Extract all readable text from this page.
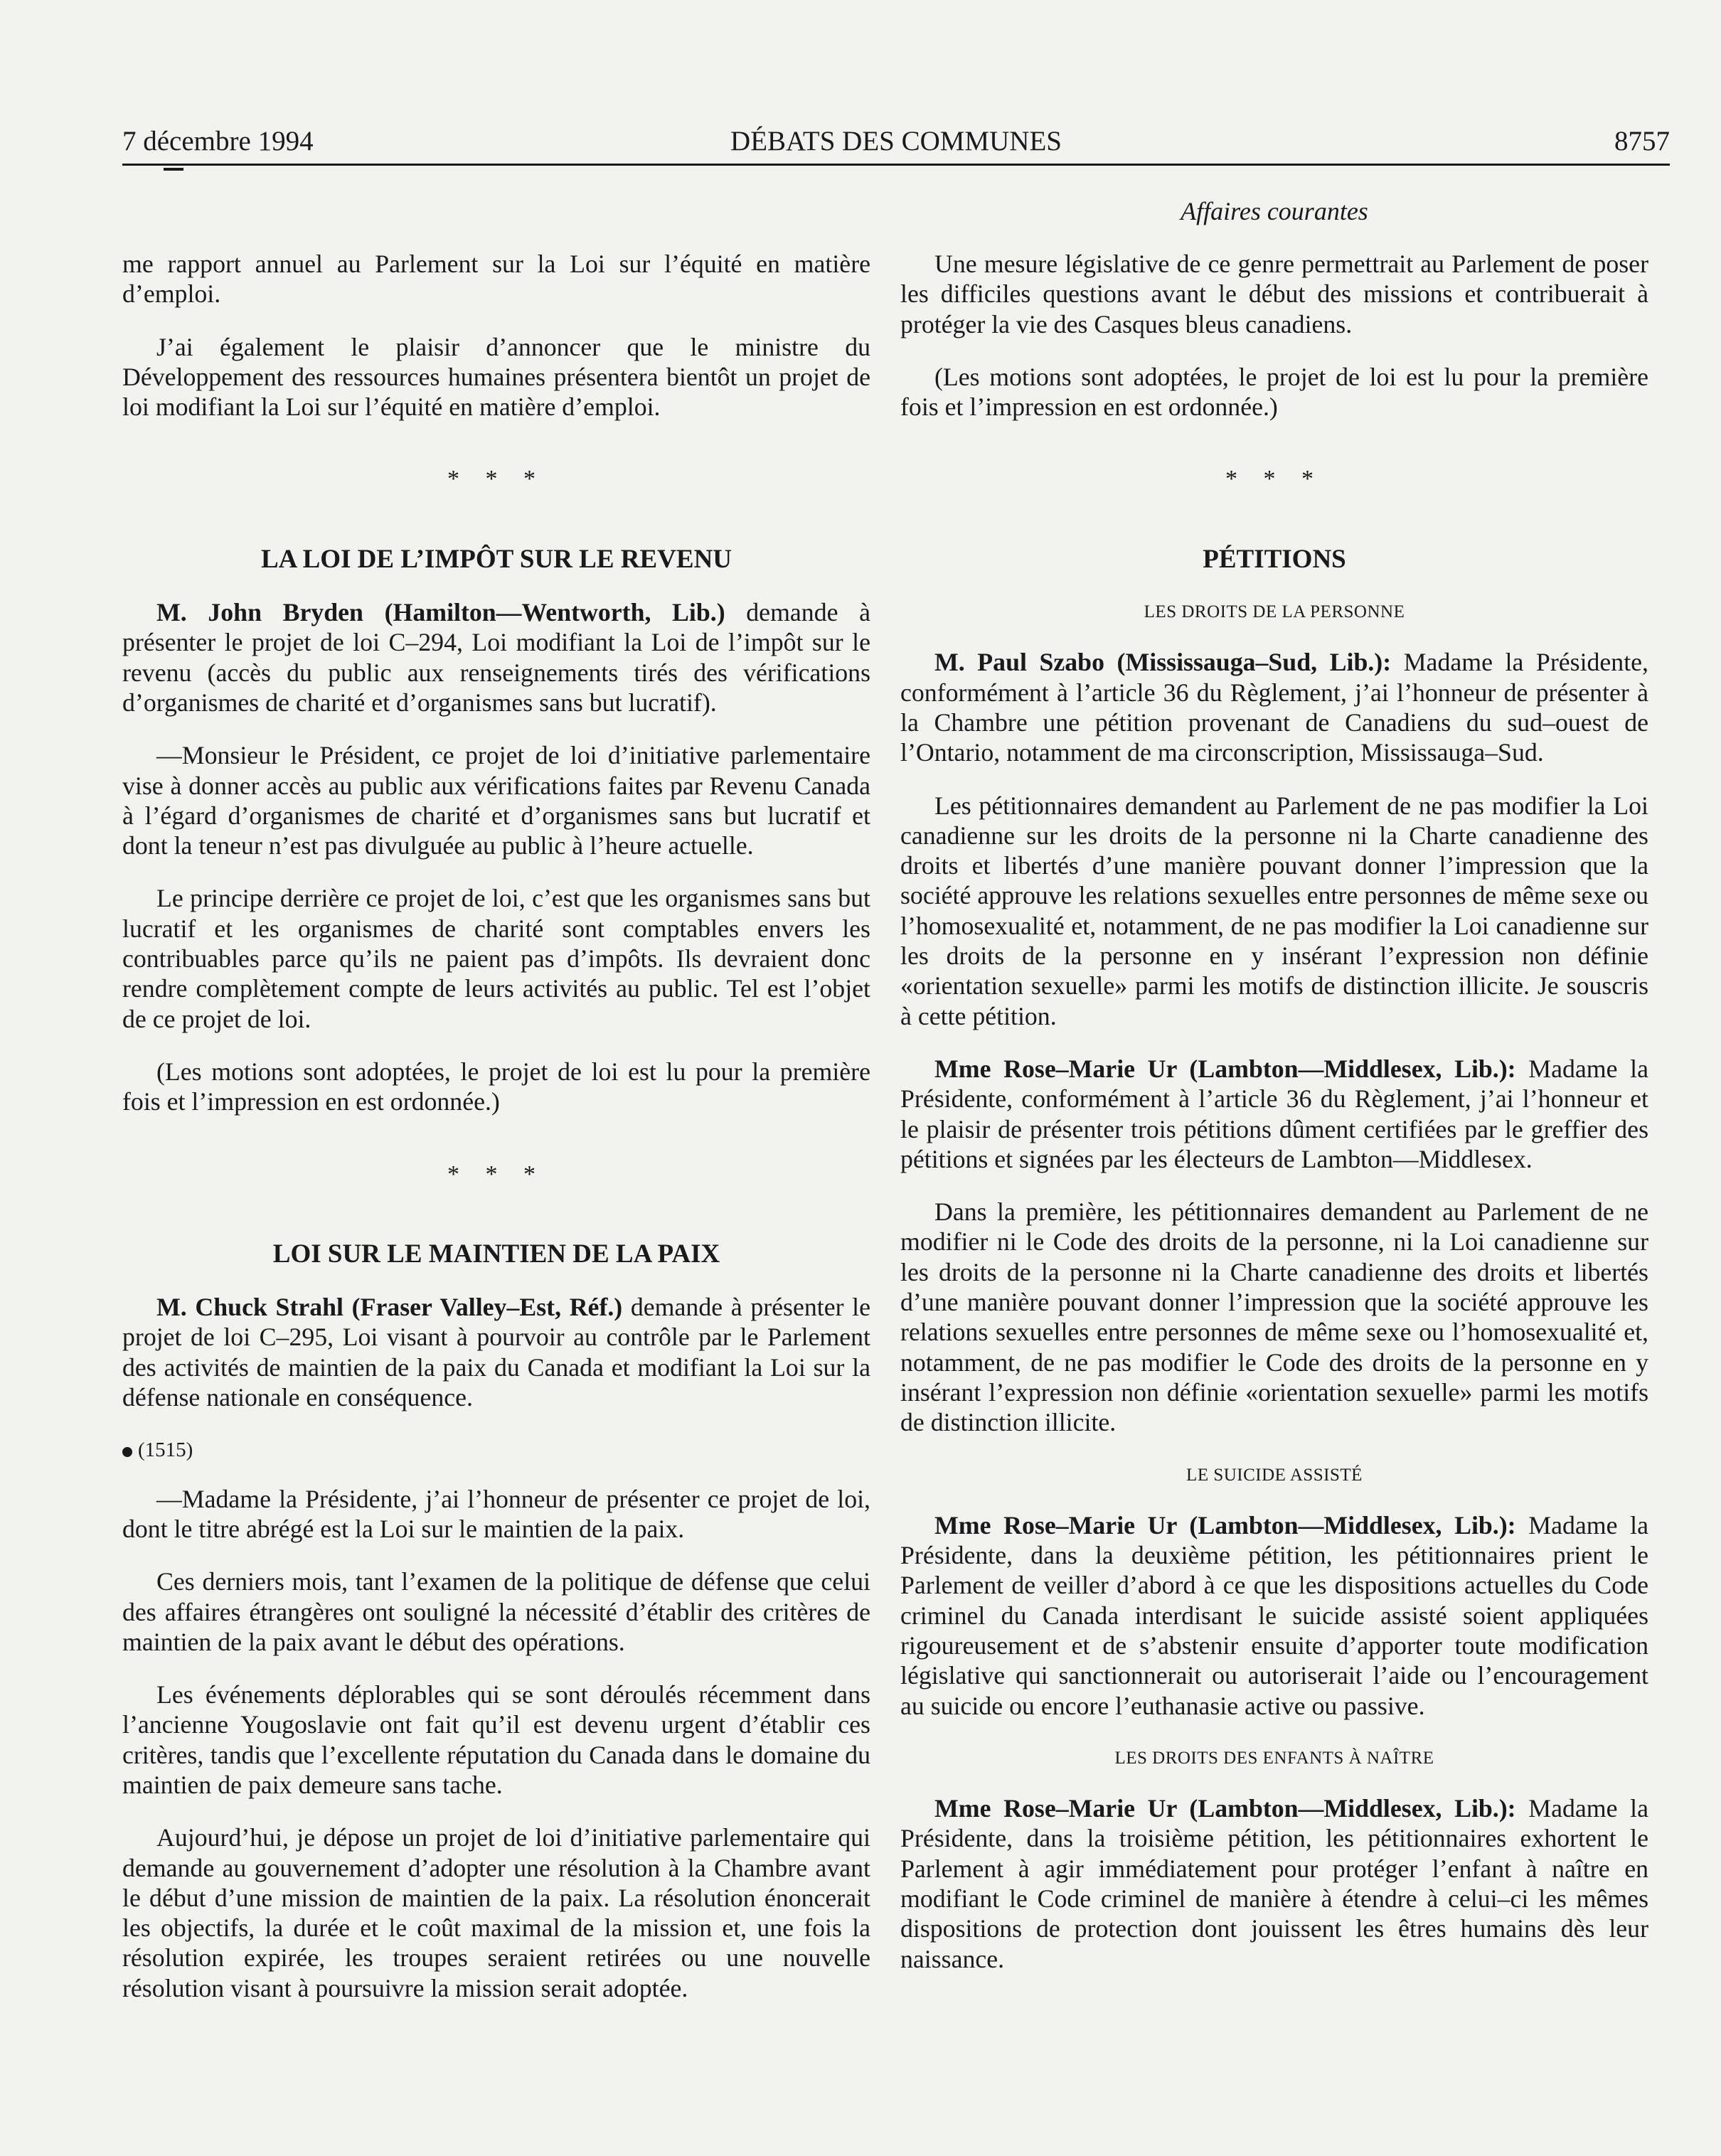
7 décembre 1994	DÉBATS DES COMMUNES	8757
Affaires courantes

me rapport annuel au Parlement sur la Loi sur l’équité en matière d’emploi.

J’ai également le plaisir d’annoncer que le ministre du Développement des ressources humaines présentera bientôt un projet de loi modifiant la Loi sur l’équité en matière d’emploi.

* * *
LA LOI DE L’IMPÔT SUR LE REVENU

M. John Bryden (Hamilton—Wentworth, Lib.) demande à présenter le projet de loi C–294, Loi modifiant la Loi de l’impôt sur le revenu (accès du public aux renseignements tirés des vérifications d’organismes de charité et d’organismes sans but lucratif).

—Monsieur le Président, ce projet de loi d’initiative parlementaire vise à donner accès au public aux vérifications faites par Revenu Canada à l’égard d’organismes de charité et d’organismes sans but lucratif et dont la teneur n’est pas divulguée au public à l’heure actuelle.

Le principe derrière ce projet de loi, c’est que les organismes sans but lucratif et les organismes de charité sont comptables envers les contribuables parce qu’ils ne paient pas d’impôts. Ils devraient donc rendre complètement compte de leurs activités au public. Tel est l’objet de ce projet de loi.

(Les motions sont adoptées, le projet de loi est lu pour la première fois et l’impression en est ordonnée.)

* * *
LOI SUR LE MAINTIEN DE LA PAIX

M. Chuck Strahl (Fraser Valley–Est, Réf.) demande à présenter le projet de loi C–295, Loi visant à pourvoir au contrôle par le Parlement des activités de maintien de la paix du Canada et modifiant la Loi sur la défense nationale en conséquence.

(1515)

—Madame la Présidente, j’ai l’honneur de présenter ce projet de loi, dont le titre abrégé est la Loi sur le maintien de la paix.

Ces derniers mois, tant l’examen de la politique de défense que celui des affaires étrangères ont souligné la nécessité d’établir des critères de maintien de la paix avant le début des opérations.

Les événements déplorables qui se sont déroulés récemment dans l’ancienne Yougoslavie ont fait qu’il est devenu urgent d’établir ces critères, tandis que l’excellente réputation du Canada dans le domaine du maintien de paix demeure sans tache.

Aujourd’hui, je dépose un projet de loi d’initiative parlementaire qui demande au gouvernement d’adopter une résolution à la Chambre avant le début d’une mission de maintien de la paix. La résolution énoncerait les objectifs, la durée et le coût maximal de la mission et, une fois la résolution expirée, les troupes seraient retirées ou une nouvelle résolution visant à poursuivre la mission serait adoptée.

Une mesure législative de ce genre permettrait au Parlement de poser les difficiles questions avant le début des missions et contribuerait à protéger la vie des Casques bleus canadiens.

(Les motions sont adoptées, le projet de loi est lu pour la première fois et l’impression en est ordonnée.)

* * *
PÉTITIONS
LES DROITS DE LA PERSONNE

M. Paul Szabo (Mississauga–Sud, Lib.): Madame la Présidente, conformément à l’article 36 du Règlement, j’ai l’honneur de présenter à la Chambre une pétition provenant de Canadiens du sud–ouest de l’Ontario, notamment de ma circonscription, Mississauga–Sud.

Les pétitionnaires demandent au Parlement de ne pas modifier la Loi canadienne sur les droits de la personne ni la Charte canadienne des droits et libertés d’une manière pouvant donner l’impression que la société approuve les relations sexuelles entre personnes de même sexe ou l’homosexualité et, notamment, de ne pas modifier la Loi canadienne sur les droits de la personne en y insérant l’expression non définie «orientation sexuelle» parmi les motifs de distinction illicite. Je souscris à cette pétition.

Mme Rose–Marie Ur (Lambton—Middlesex, Lib.): Madame la Présidente, conformément à l’article 36 du Règlement, j’ai l’honneur et le plaisir de présenter trois pétitions dûment certifiées par le greffier des pétitions et signées par les électeurs de Lambton—Middlesex.

Dans la première, les pétitionnaires demandent au Parlement de ne modifier ni le Code des droits de la personne, ni la Loi canadienne sur les droits de la personne ni la Charte canadienne des droits et libertés d’une manière pouvant donner l’impression que la société approuve les relations sexuelles entre personnes de même sexe ou l’homosexualité et, notamment, de ne pas modifier le Code des droits de la personne en y insérant l’expression non définie «orientation sexuelle» parmi les motifs de distinction illicite.

LE SUICIDE ASSISTÉ

Mme Rose–Marie Ur (Lambton—Middlesex, Lib.): Madame la Présidente, dans la deuxième pétition, les pétitionnaires prient le Parlement de veiller d’abord à ce que les dispositions actuelles du Code criminel du Canada interdisant le suicide assisté soient appliquées rigoureusement et de s’abstenir ensuite d’apporter toute modification législative qui sanctionnerait ou autoriserait l’aide ou l’encouragement au suicide ou encore l’euthanasie active ou passive.

LES DROITS DES ENFANTS À NAÎTRE

Mme Rose–Marie Ur (Lambton—Middlesex, Lib.): Madame la Présidente, dans la troisième pétition, les pétitionnaires exhortent le Parlement à agir immédiatement pour protéger l’enfant à naître en modifiant le Code criminel de manière à étendre à celui–ci les mêmes dispositions de protection dont jouissent les êtres humains dès leur naissance.
